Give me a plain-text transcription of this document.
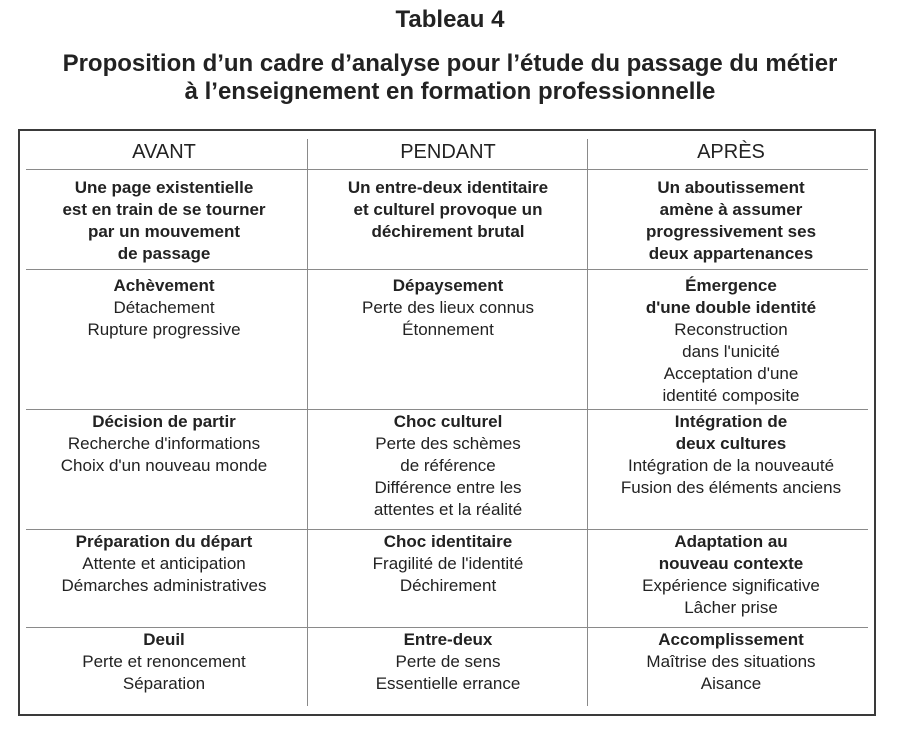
Tableau 4
Proposition d’un cadre d’analyse pour l’étude du passage du métier
à l’enseignement en formation professionnelle
AVANT	PENDANT	APRÈS
Une page existentielle
est en train de se tourner
par un mouvement
de passage
Un entre-deux identitaire
et culturel provoque un
déchirement brutal
Un aboutissement
amène à assumer
progressivement ses
deux appartenances
Achèvement
Détachement
Rupture progressive
Dépaysement
Perte des lieux connus
Étonnement
Émergence
d'une double identité
Reconstruction
dans l'unicité
Acceptation d'une
identité composite
Décision de partir
Recherche d'informations
Choix d'un nouveau monde
Choc culturel
Perte des schèmes
de référence
Différence entre les
attentes et la réalité
Intégration de
deux cultures
Intégration de la nouveauté
Fusion des éléments anciens
Préparation du départ
Attente et anticipation
Démarches administratives
Choc identitaire
Fragilité de l'identité
Déchirement
Adaptation au
nouveau contexte
Expérience significative
Lâcher prise
Deuil
Perte et renoncement
Séparation
Entre-deux
Perte de sens
Essentielle errance
Accomplissement
Maîtrise des situations
Aisance
